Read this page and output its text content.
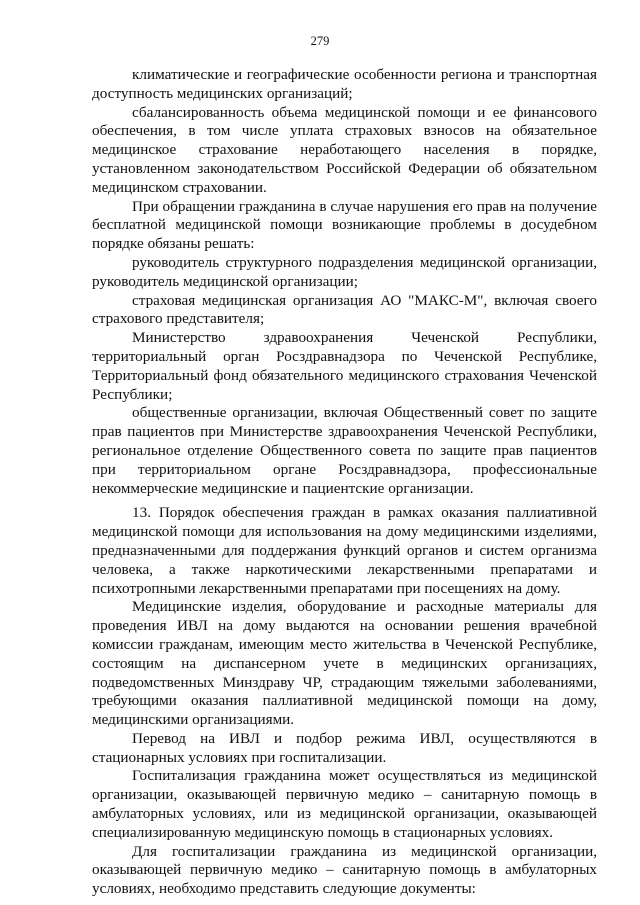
279

климатические и географические особенности региона и транспортная доступность медицинских организаций;

сбалансированность объема медицинской помощи и ее финансового обеспечения, в том числе уплата страховых взносов на обязательное медицинское страхование неработающего населения в порядке, установленном законодательством Российской Федерации об обязательном медицинском страховании.

При обращении гражданина в случае нарушения его прав на получение бесплатной медицинской помощи возникающие проблемы в досудебном порядке обязаны решать:

руководитель структурного подразделения медицинской организации, руководитель медицинской организации;

страховая медицинская организация АО "МАКС-М", включая своего страхового представителя;

Министерство здравоохранения Чеченской Республики, территориальный орган Росздравнадзора по Чеченской Республике, Территориальный фонд обязательного медицинского страхования Чеченской Республики;

общественные организации, включая Общественный совет по защите прав пациентов при Министерстве здравоохранения Чеченской Республики, региональное отделение Общественного совета по защите прав пациентов при территориальном органе Росздравнадзора, профессиональные некоммерческие медицинские и пациентские организации.

13. Порядок обеспечения граждан в рамках оказания паллиативной медицинской помощи для использования на дому медицинскими изделиями, предназначенными для поддержания функций органов и систем организма человека, а также наркотическими лекарственными препаратами и психотропными лекарственными препаратами при посещениях на дому.

Медицинские изделия, оборудование и расходные материалы для проведения ИВЛ на дому выдаются на основании решения врачебной комиссии гражданам, имеющим место жительства в Чеченской Республике, состоящим на диспансерном учете в медицинских организациях, подведомственных Минздраву ЧР, страдающим тяжелыми заболеваниями, требующими оказания паллиативной медицинской помощи на дому, медицинскими организациями.

Перевод на ИВЛ и подбор режима ИВЛ, осуществляются в стационарных условиях при госпитализации.

Госпитализация гражданина может осуществляться из медицинской организации, оказывающей первичную медико – санитарную помощь в амбулаторных условиях, или из медицинской организации, оказывающей специализированную медицинскую помощь в стационарных условиях.

Для госпитализации гражданина из медицинской организации, оказывающей первичную медико – санитарную помощь в амбулаторных условиях, необходимо представить следующие документы:
